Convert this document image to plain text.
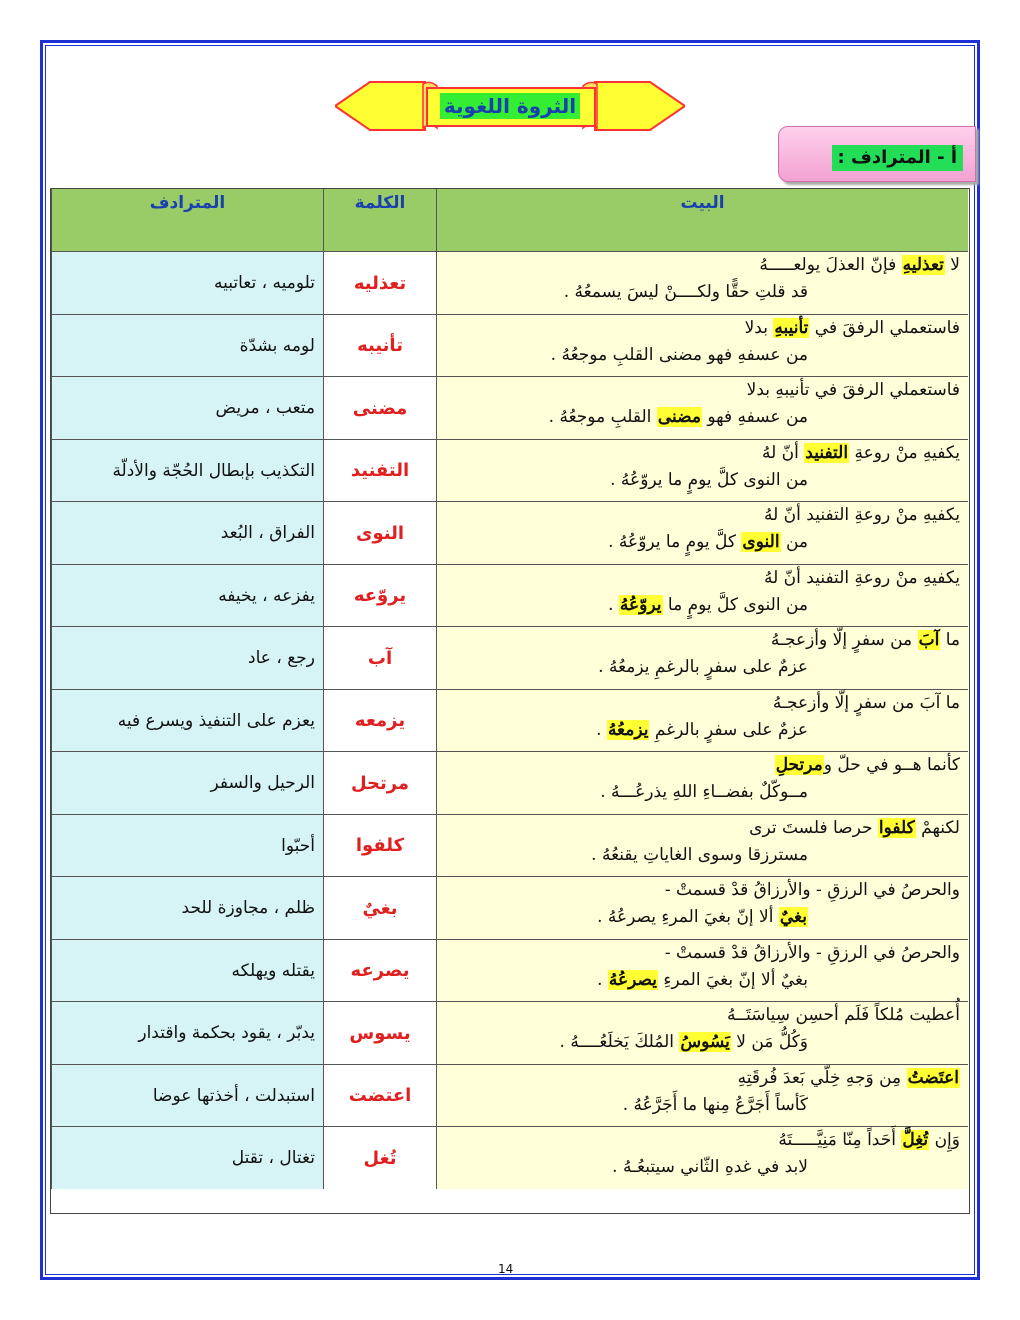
الثروة اللغوية
أ - المترادف :
المترادف	الكلمة	البيت
تلوميه ، تعاتبيه	تعذليه
لا تعذليهِ فإنّ العذلَ يولعـــــهُ
قد قلتِ حقًّا ولكــــنْ ليسَ يسمعُهُ .
لومه بشدّة	تأنيبه
فاستعملي الرفقَ في تأنيبهِ بدلا
من عسفهِ فهو مضنى القلبِ موجعُهُ .
متعب ، مريض	مضنى
فاستعملي الرفقَ في تأنيبهِ بدلا
من عسفهِ فهو مضنى القلبِ موجعُهُ .
التكذيب بإبطال الحُجّة والأدلّة	التفنيد
يكفيهِ منْ روعةِ التفنيد أنّ لهُ
من النوى كلَّ يومٍ ما يروّعُهُ .
الفراق ، البُعد	النوى
يكفيهِ منْ روعةِ التفنيد أنّ لهُ
من النوى كلَّ يومٍ ما يروّعُهُ .
يفزعه ، يخيفه	يروّعه
يكفيهِ منْ روعةِ التفنيد أنّ لهُ
من النوى كلَّ يومٍ ما يروّعُهُ .
رجع ، عاد	آب
ما آبَ من سفرٍ إلّا وأزعجـهُ
عزمٌ على سفرٍ بالرغمِ يزمعُهُ .
يعزم على التنفيذ ويسرع فيه	يزمعه
ما آبَ من سفرٍ إلّا وأزعجـهُ
عزمٌ على سفرٍ بالرغمِ يزمعُهُ .
الرحيل والسفر	مرتحل
كأنما هــو في حلّ ومرتحلِ
مــوكّلٌ بفضــاءِ اللهِ يذرعُـــهُ .
أحبّوا	كلفوا
لكنهمْ كلفوا حرصا فلستَ ترى
مسترزقا وسوى الغاياتِ يقنعُهُ .
ظلم ، مجاوزة للحد	بغيٌ
والحرصُ في الرزقِ - والأرزاقُ قدْ قسمتْ -
بغيٌ ألا إنّ بغيَ المرءِ يصرعُهُ .
يقتله ويهلكه	يصرعه
والحرصُ في الرزقِ - والأرزاقُ قدْ قسمتْ -
بغيٌ ألا إنّ بغيَ المرءِ يصرعُهُ .
يدبّر ، يقود بحكمة واقتدار	يسوس
أُعطيت مُلكاً فَلَم أحسِن سِياسَتَــهُ
وَكُلُّ مَن لا يَسُوسُ المُلكَ يَخلَعُــــهُ .
استبدلت ، أخذتها عوضا	اعتضت
اعتَضتُ مِن وَجهِ خِلّي بَعدَ فُرقَتِهِ
كَأساً أَجَرَّعُ مِنها ما أَجَرَّعُهُ .
تغتال ، تقتل	تُغل
وَإِن تُغِلَّ أَحَداً مِنّا مَنِيَّـــــتَهُ
لابد في غدهِ الثّاني سيتبعُـهُ .
14
